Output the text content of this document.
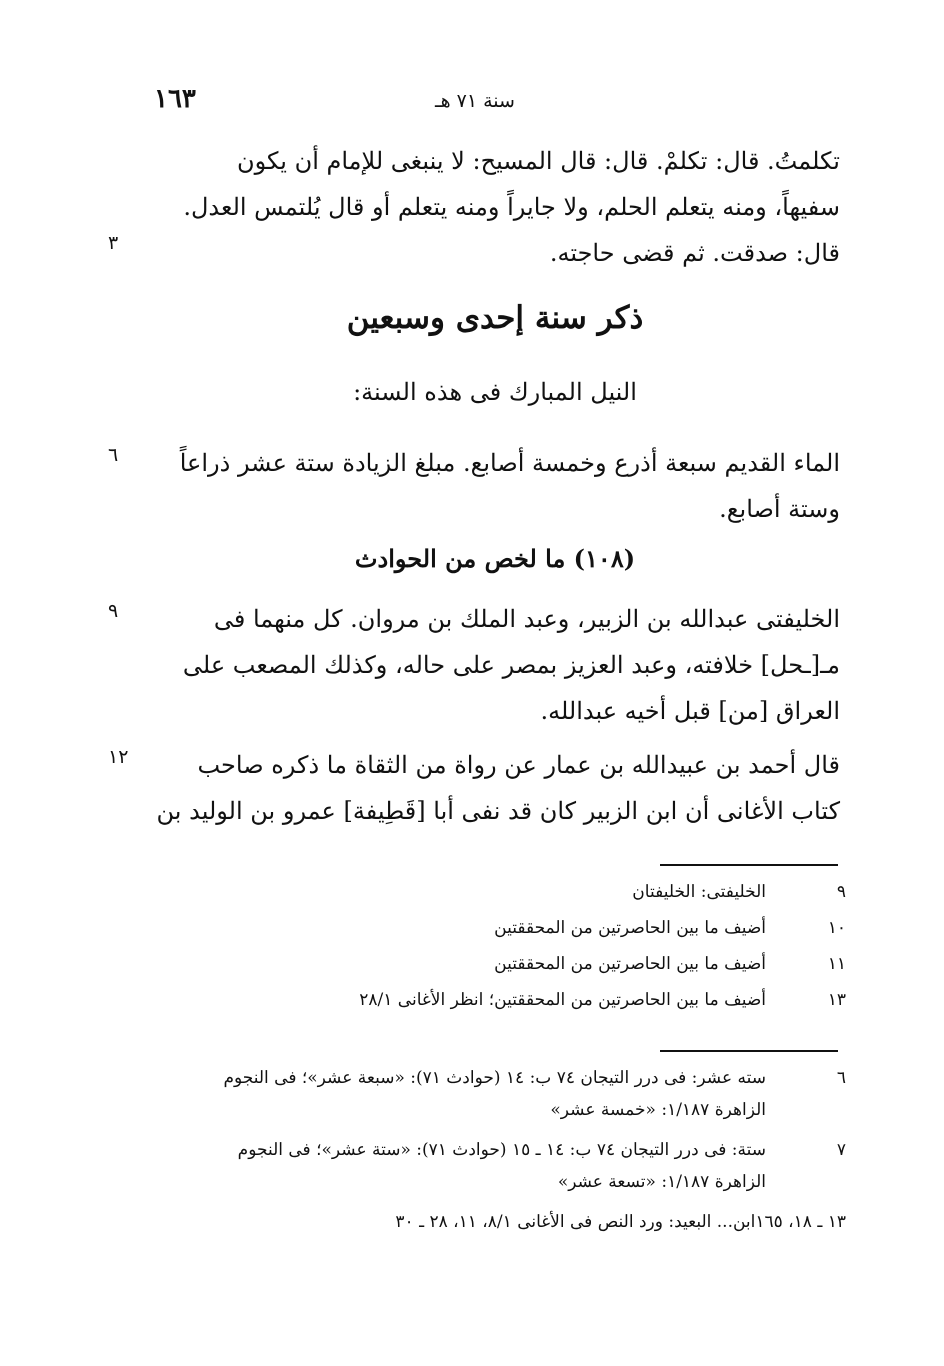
١٦٣	سنة ٧١ هـ

تكلمتُ. قال: تكلمْ. قال: قال المسيح: لا ينبغى للإمام أن يكون

سفيهاً، ومنه يتعلم الحلم، ولا جايراً ومنه يتعلم أو قال يُلتمس العدل.

قال: صدقت. ثم قضى حاجته.

٣
ذكر سنة إحدى وسبعين
النيل المبارك فى هذه السنة:

الماء القديم سبعة أذرع وخمسة أصابع. مبلغ الزيادة ستة عشر ذراعاً

وستة أصابع.

٦
(١٠٨) ما لخص من الحوادث

الخليفتى عبدالله بن الزبير، وعبد الملك بن مروان. كل منهما فى

مـ[ـحل] خلافته، وعبد العزيز بمصر على حاله، وكذلك المصعب على

العراق [من] قبل أخيه عبدالله.

٩

قال أحمد بن عبيدالله بن عمار عن رواة من الثقاة ما ذكره صاحب

كتاب الأغانى أن ابن الزبير كان قد نفى أبا [قَطِيفة] عمرو بن الوليد بن

١٢
٩
الخليفتى: الخليفتان
١٠
أضيف ما بين الحاصرتين من المحققتين
١١
أضيف ما بين الحاصرتين من المحققتين
١٣
أضيف ما بين الحاصرتين من المحققتين؛ انظر الأغانى ٢٨/١
٦
سته عشر: فى درر التيجان ٧٤ ب: ١٤ (حوادث ٧١): «سبعة عشر»؛ فى النجوم
الزاهرة ١/١٨٧: «خمسة عشر»
٧
ستة: فى درر التيجان ٧٤ ب: ١٤ ـ ١٥ (حوادث ٧١): «ستة عشر»؛ فى النجوم
الزاهرة ١/١٨٧: «تسعة عشر»
١٣ ـ ١٨، ١٦٥ابن... البعيد: ورد النص فى الأغانى ٨/١، ١١، ٢٨ ـ ٣٠
